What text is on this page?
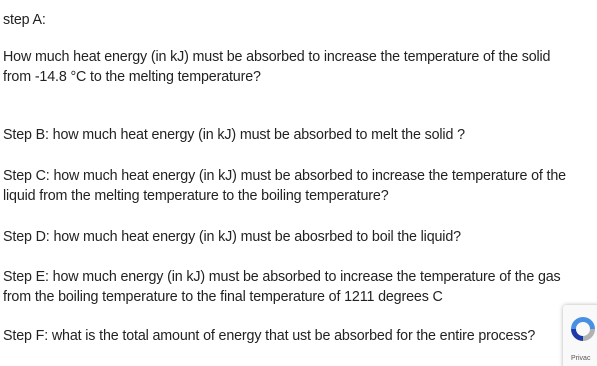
step A:

How much heat energy (in kJ) must be absorbed to increase the temperature of the solid

from -14.8 °C to the melting temperature?

Step B: how much heat energy (in kJ) must be absorbed to melt the solid ?

Step C: how much heat energy (in kJ) must be absorbed to increase the temperature of the

liquid from the melting temperature to the boiling temperature?

Step D: how much heat energy (in kJ) must be abosrbed to boil the liquid?

Step E: how much energy (in kJ) must be absorbed to increase the temperature of the gas

from the boiling temperature to the final temperature of 1211 degrees C

Step F: what is the total amount of energy that ust be absorbed for the entire process?

Privac
